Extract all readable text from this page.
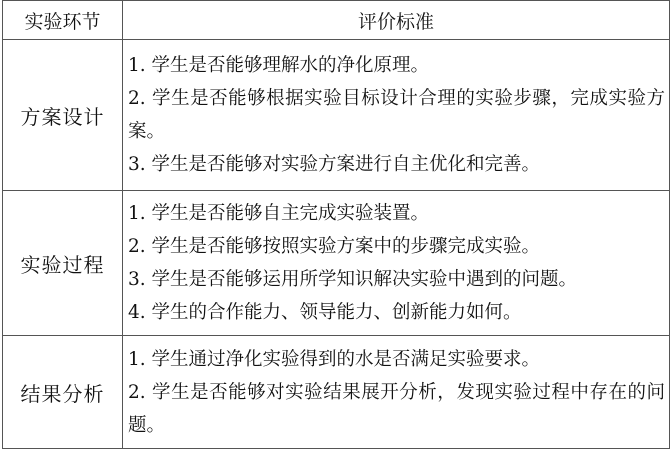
实验环节	评价标准
方案设计	1. 学生是否能够理解水的净化原理。
2. 学生是否能够根据实验目标设计合理的实验步骤，完成实验方案。
3. 学生是否能够对实验方案进行自主优化和完善。

实验过程	1. 学生是否能够自主完成实验装置。
2. 学生是否能够按照实验方案中的步骤完成实验。
3. 学生是否能够运用所学知识解决实验中遇到的问题。
4. 学生的合作能力、领导能力、创新能力如何。

结果分析	1. 学生通过净化实验得到的水是否满足实验要求。
2. 学生是否能够对实验结果展开分析，发现实验过程中存在的问题。
